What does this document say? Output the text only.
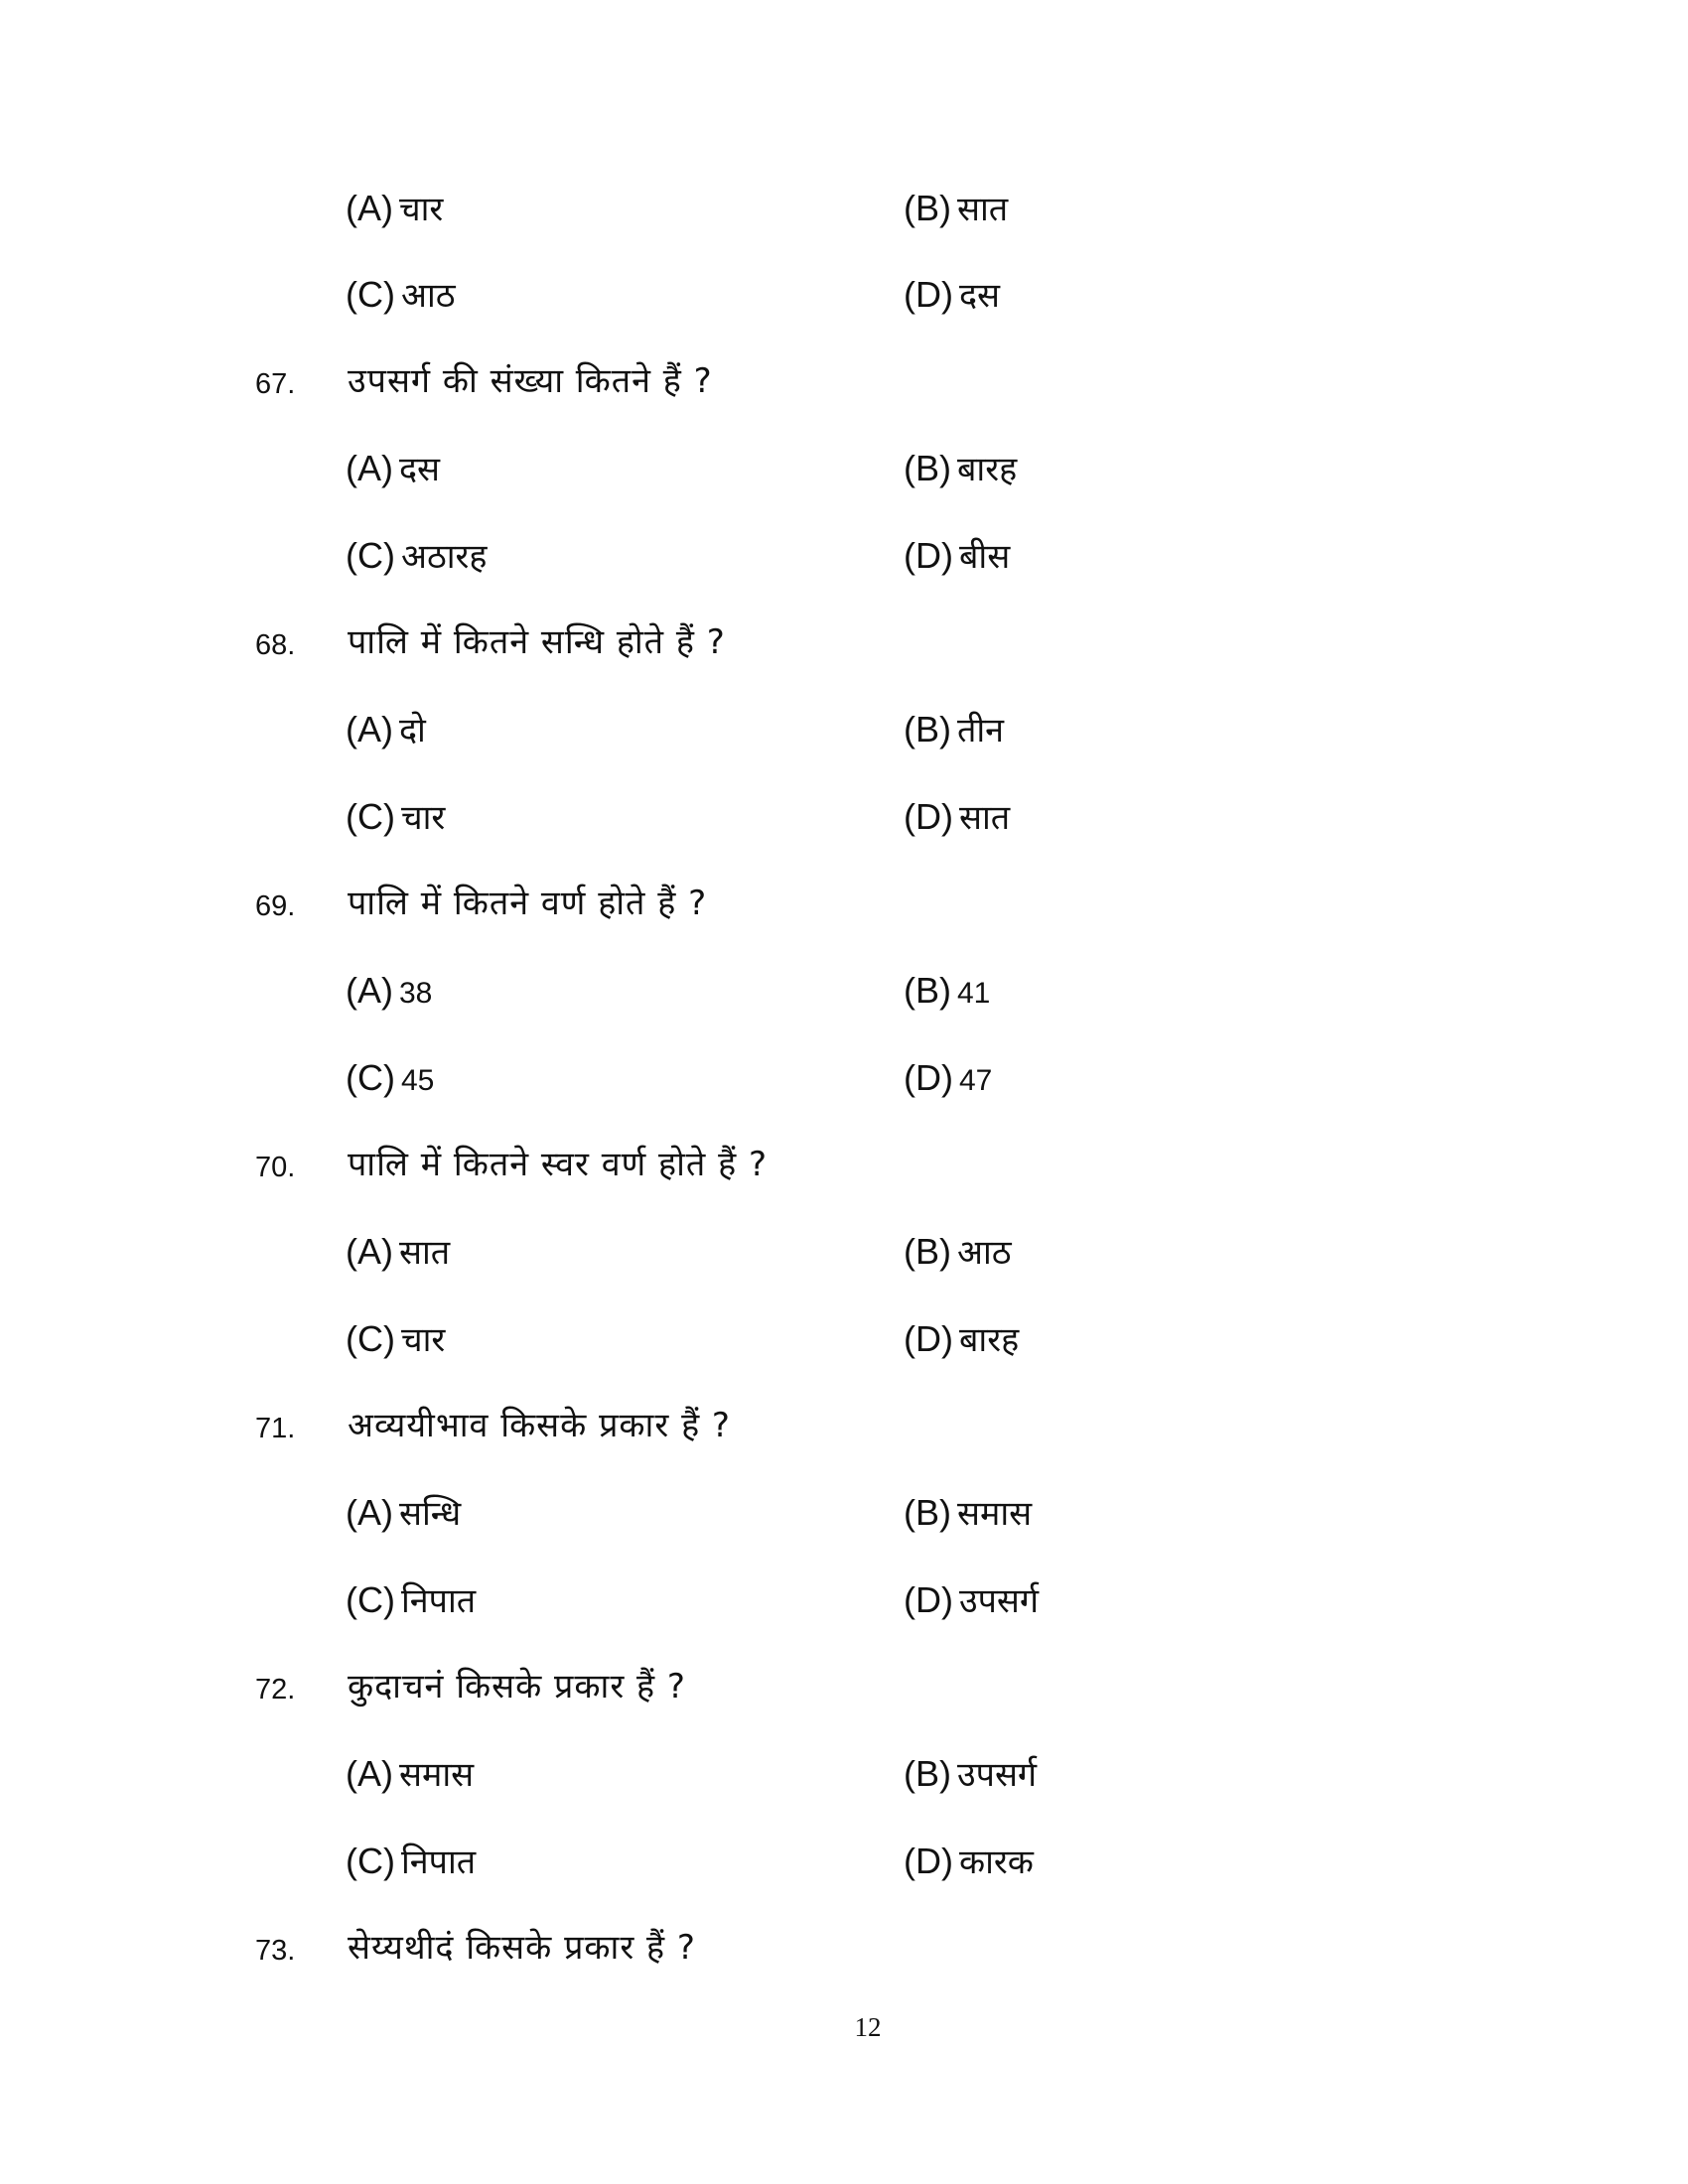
(A) चार	(B) सात
(C) आठ	(D) दस
67. उपसर्ग की संख्या कितने हैं ?
(A) दस	(B) बारह
(C) अठारह	(D) बीस
68. पालि में कितने सन्धि होते हैं ?
(A) दो	(B) तीन
(C) चार	(D) सात
69. पालि में कितने वर्ण होते हैं ?
(A) 38	(B) 41
(C) 45	(D) 47
70. पालि में कितने स्वर वर्ण होते हैं ?
(A) सात	(B) आठ
(C) चार	(D) बारह
71. अव्ययीभाव किसके प्रकार हैं ?
(A) सन्धि	(B) समास
(C) निपात	(D) उपसर्ग
72. कुदाचनं किसके प्रकार हैं ?
(A) समास	(B) उपसर्ग
(C) निपात	(D) कारक
73. सेय्यथीदं किसके प्रकार हैं ?
12
